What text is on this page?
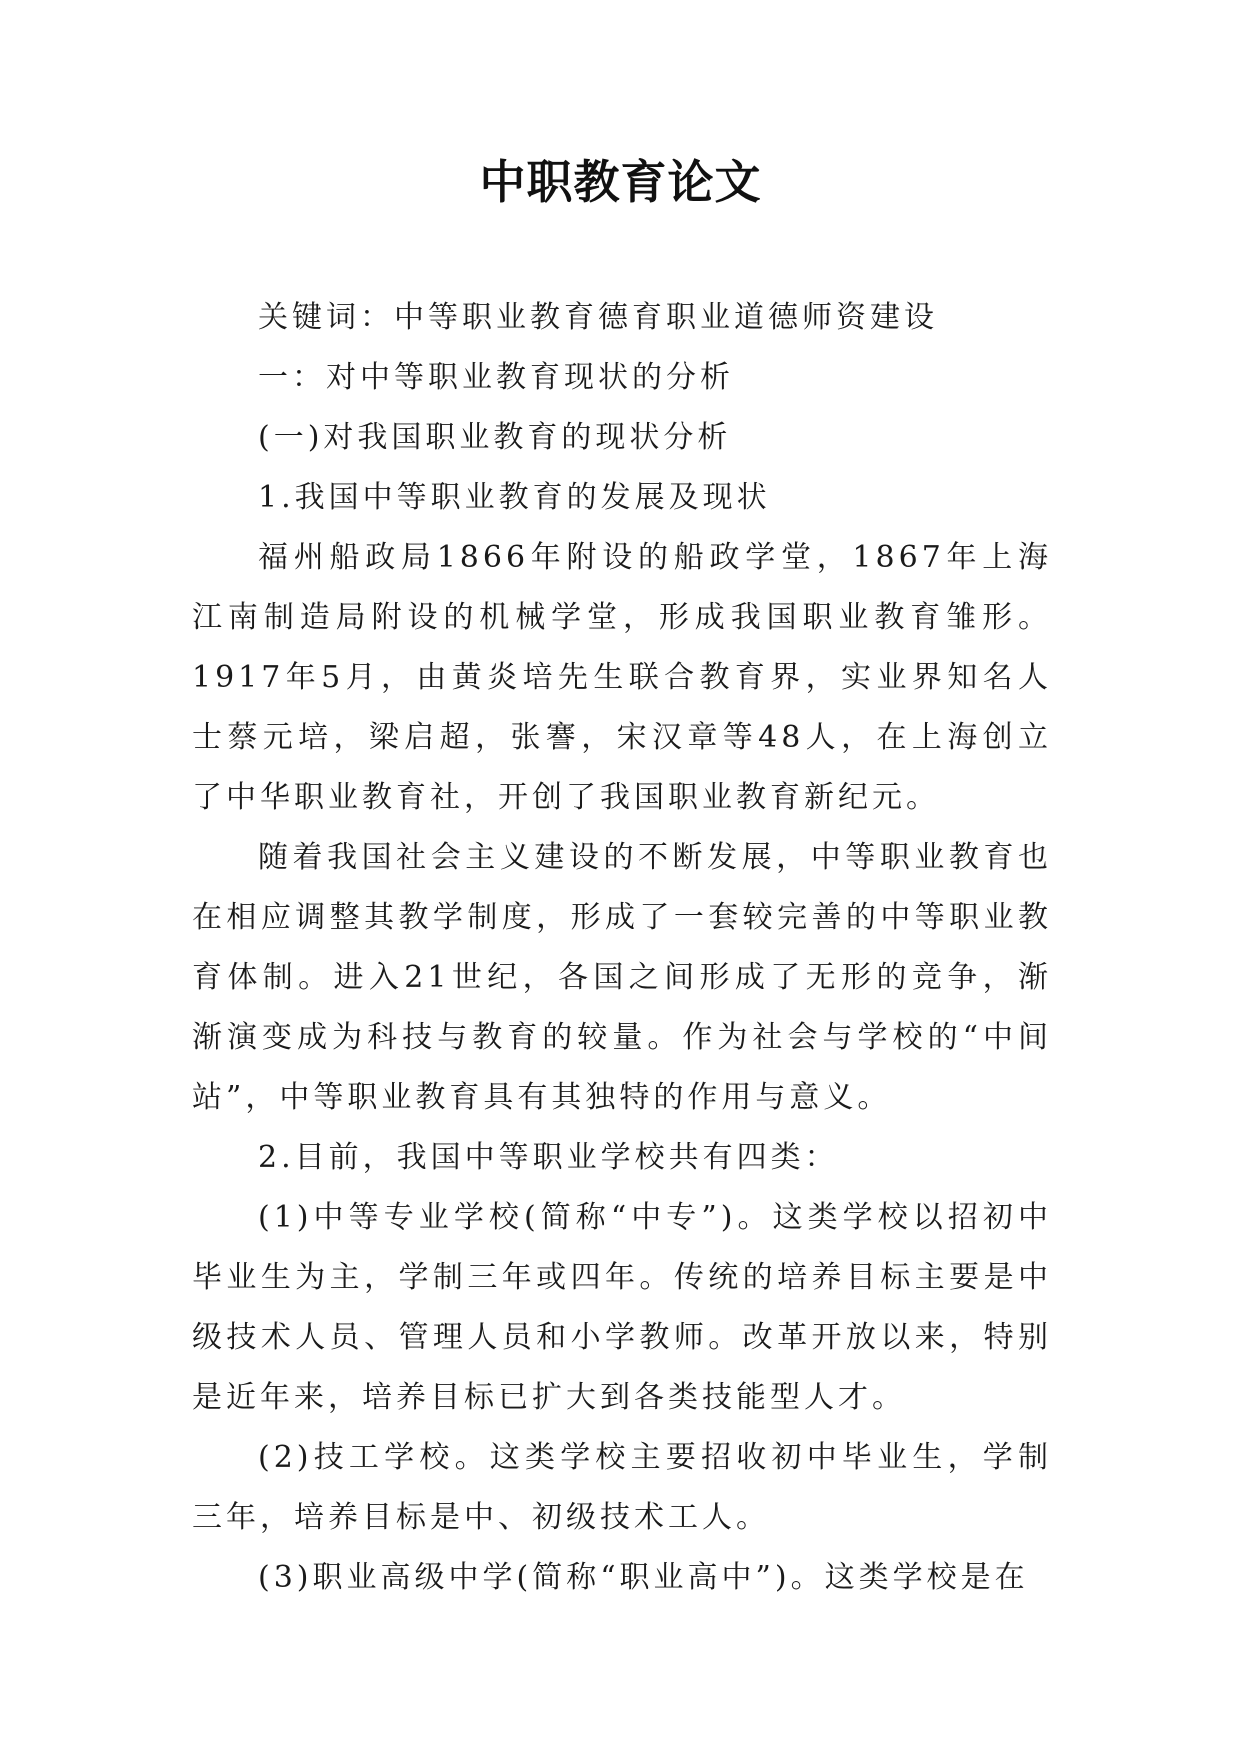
中职教育论文

关键词：中等职业教育德育职业道德师资建设

一：对中等职业教育现状的分析

(一)对我国职业教育的现状分析

1.我国中等职业教育的发展及现状

福州船政局1866年附设的船政学堂，1867年上海江南制造局附设的机械学堂，形成我国职业教育雏形。1917年5月，由黄炎培先生联合教育界，实业界知名人士蔡元培，梁启超，张謇，宋汉章等48人，在上海创立了中华职业教育社，开创了我国职业教育新纪元。

随着我国社会主义建设的不断发展，中等职业教育也在相应调整其教学制度，形成了一套较完善的中等职业教育体制。进入21世纪，各国之间形成了无形的竞争，渐渐演变成为科技与教育的较量。作为社会与学校的“中间站”，中等职业教育具有其独特的作用与意义。

2.目前，我国中等职业学校共有四类：

(1)中等专业学校(简称“中专”)。这类学校以招初中毕业生为主，学制三年或四年。传统的培养目标主要是中级技术人员、管理人员和小学教师。改革开放以来，特别是近年来，培养目标已扩大到各类技能型人才。

(2)技工学校。这类学校主要招收初中毕业生，学制三年，培养目标是中、初级技术工人。

(3)职业高级中学(简称“职业高中”)。这类学校是在
